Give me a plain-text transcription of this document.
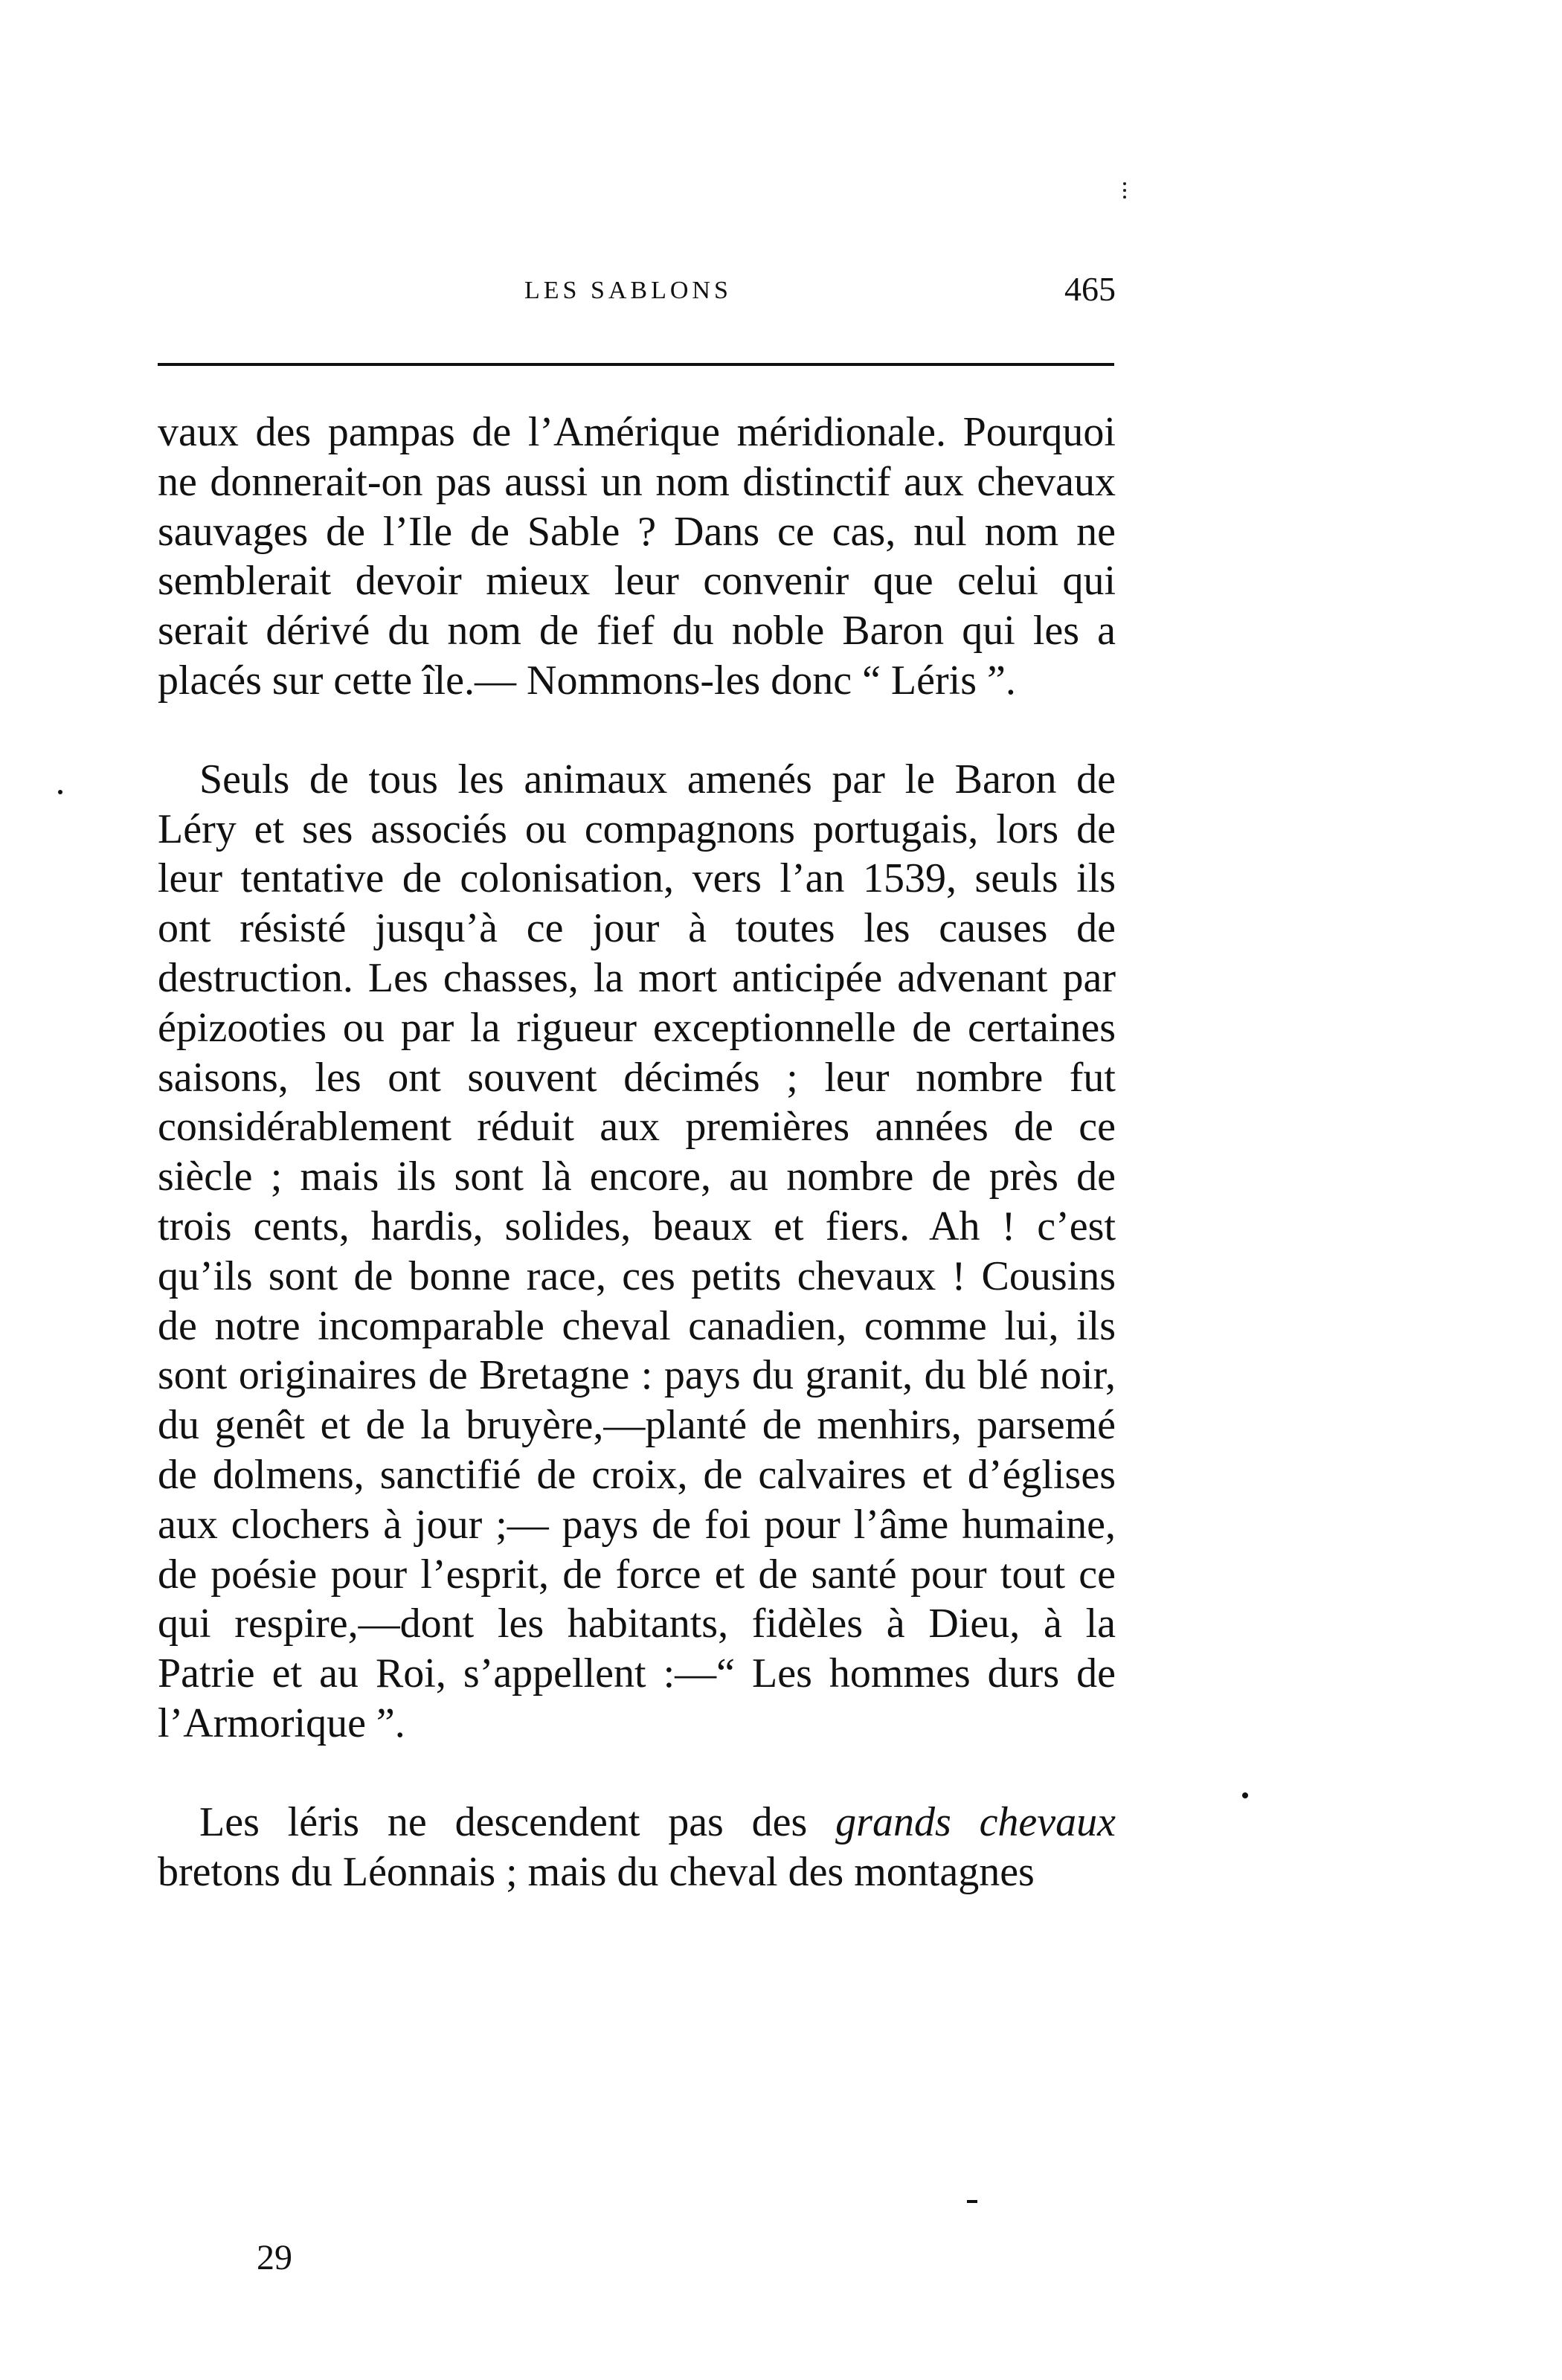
LES SABLONS	465

vaux des pampas de l’Amérique méridionale. Pourquoi ne donnerait-on pas aussi un nom distinctif aux chevaux sauvages de l’Ile de Sable ? Dans ce cas, nul nom ne semblerait devoir mieux leur convenir que celui qui serait dérivé du nom de fief du noble Baron qui les a placés sur cette île.— Nommons-les donc “ Léris ”.

Seuls de tous les animaux amenés par le Baron de Léry et ses associés ou compagnons portugais, lors de leur tentative de colonisation, vers l’an 1539, seuls ils ont résisté jusqu’à ce jour à toutes les causes de destruction. Les chasses, la mort anticipée advenant par épizooties ou par la rigueur exceptionnelle de certaines saisons, les ont souvent décimés ; leur nombre fut considérablement réduit aux premières années de ce siècle ; mais ils sont là encore, au nombre de près de trois cents, hardis, solides, beaux et fiers. Ah ! c’est qu’ils sont de bonne race, ces petits chevaux ! Cousins de notre incomparable cheval canadien, comme lui, ils sont originaires de Bretagne : pays du granit, du blé noir, du genêt et de la bruyère,—planté de menhirs, parsemé de dolmens, sanctifié de croix, de calvaires et d’églises aux clochers à jour ;— pays de foi pour l’âme humaine, de poésie pour l’esprit, de force et de santé pour tout ce qui respire,—dont les habitants, fidèles à Dieu, à la Patrie et au Roi, s’appellent :—“ Les hommes durs de l’Armorique ”.

Les léris ne descendent pas des grands chevaux bretons du Léonnais ; mais du cheval des montagnes

29
